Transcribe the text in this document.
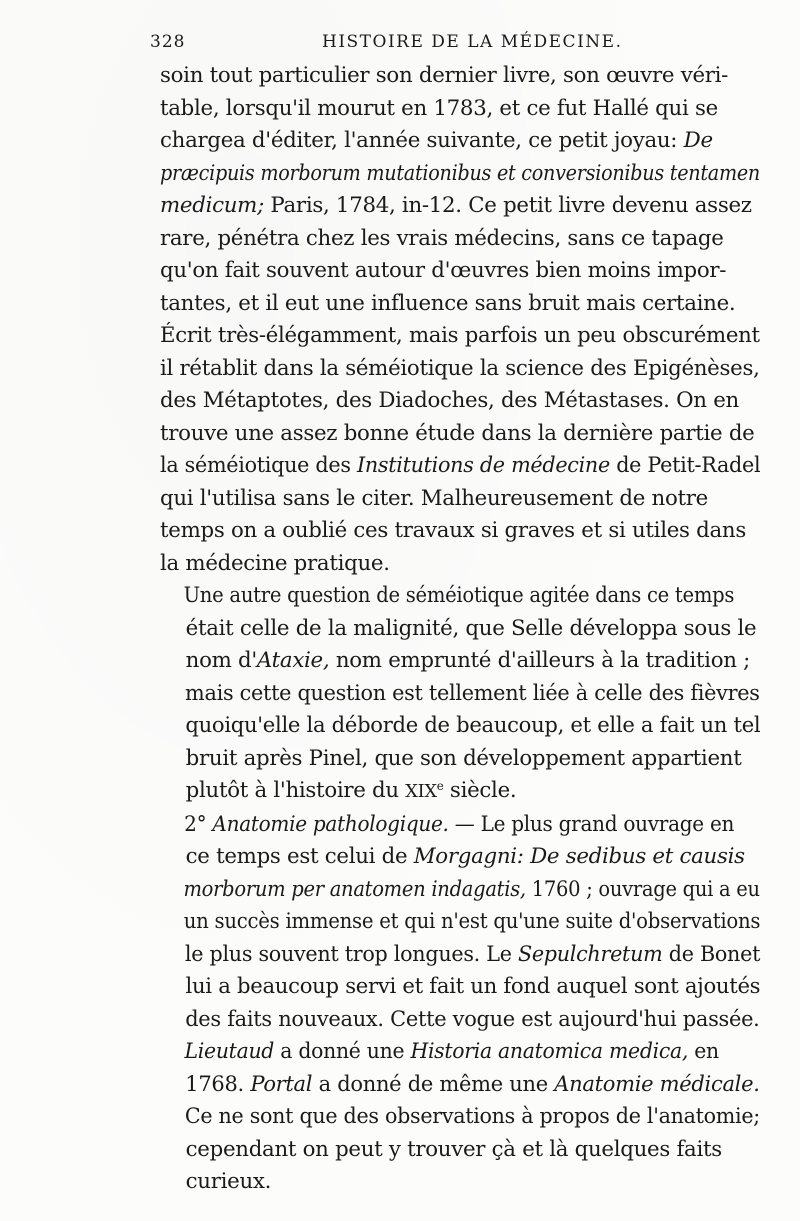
328	HISTOIRE DE LA MÉDECINE.

soin tout particulier son dernier livre, son œuvre véri-
table, lorsqu'il mourut en 1783, et ce fut Hallé qui se
chargea d'éditer, l'année suivante, ce petit joyau: De
præcipuis morborum mutationibus et conversionibus tentamen
medicum; Paris, 1784, in-12. Ce petit livre devenu assez
rare, pénétra chez les vrais médecins, sans ce tapage
qu'on fait souvent autour d'œuvres bien moins impor-
tantes, et il eut une influence sans bruit mais certaine.
Écrit très-élégamment, mais parfois un peu obscurément
il rétablit dans la séméiotique la science des Epigénèses,
des Métaptotes, des Diadoches, des Métastases. On en
trouve une assez bonne étude dans la dernière partie de
la séméiotique des Institutions de médecine de Petit-Radel
qui l'utilisa sans le citer. Malheureusement de notre
temps on a oublié ces travaux si graves et si utiles dans
la médecine pratique.

Une autre question de séméiotique agitée dans ce temps
était celle de la malignité, que Selle développa sous le
nom d'Ataxie, nom emprunté d'ailleurs à la tradition ;
mais cette question est tellement liée à celle des fièvres
quoiqu'elle la déborde de beaucoup, et elle a fait un tel
bruit après Pinel, que son développement appartient
plutôt à l'histoire du XIXe siècle.

2° Anatomie pathologique. — Le plus grand ouvrage en
ce temps est celui de Morgagni: De sedibus et causis
morborum per anatomen indagatis, 1760 ; ouvrage qui a eu
un succès immense et qui n'est qu'une suite d'observations
le plus souvent trop longues. Le Sepulchretum de Bonet
lui a beaucoup servi et fait un fond auquel sont ajoutés
des faits nouveaux. Cette vogue est aujourd'hui passée.

Lieutaud a donné une Historia anatomica medica, en
1768. Portal a donné de même une Anatomie médicale.
Ce ne sont que des observations à propos de l'anatomie;
cependant on peut y trouver çà et là quelques faits
curieux.
